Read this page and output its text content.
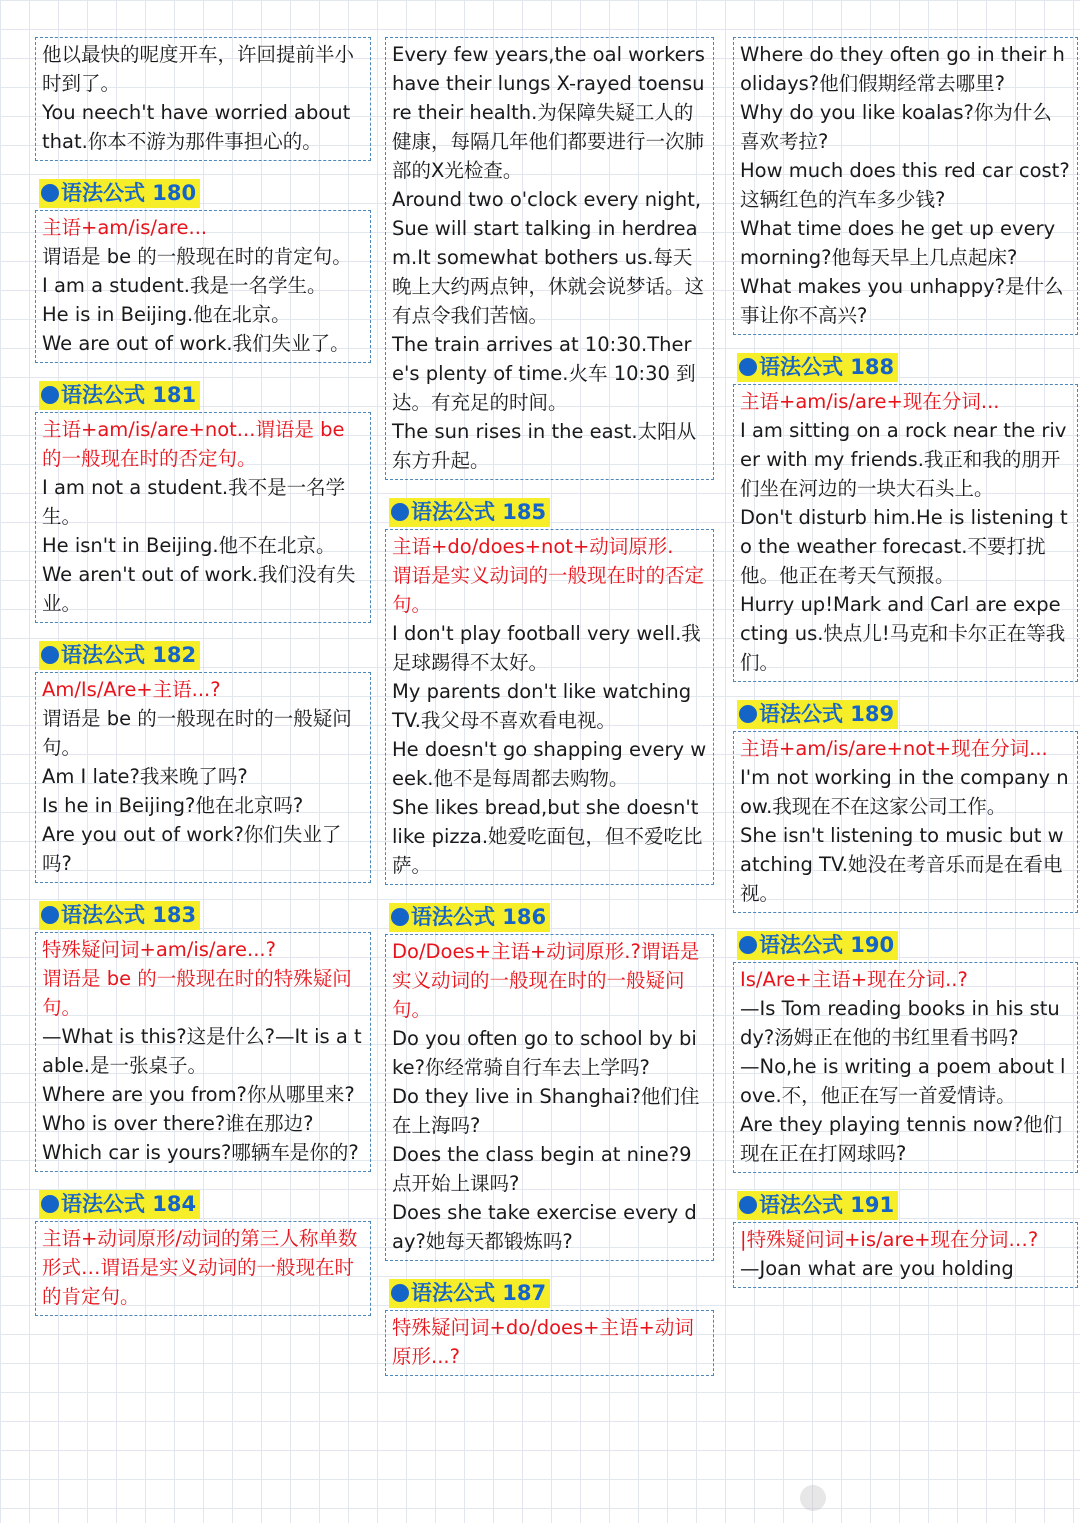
他以最快的呢度开车，许回提前半小时到了。
You neech't have worried about that.你本不游为那件事担心的。
语法公式 180
主语+am/is/are...
谓语是 be 的一般现在时的肯定句。
I am a student.我是一名学生。
He is in Beijing.他在北京。
We are out of work.我们失业了。
语法公式 181
主语+am/is/are+not...谓语是 be 的一般现在时的否定句。
I am not a student.我不是一名学生。
He isn't in Beijing.他不在北京。
We aren't out of work.我们没有失业。
语法公式 182
Am/Is/Are+主语...?
谓语是 be 的一般现在时的一般疑问句。
Am I late?我来晚了吗?
Is he in Beijing?他在北京吗?
Are you out of work?你们失业了吗?
语法公式 183
特殊疑问词+am/is/are...?
谓语是 be 的一般现在时的特殊疑问句。
—What is this?这是什么?—It is a table.是一张桌子。
Where are you from?你从哪里来?
Who is over there?谁在那边?
Which car is yours?哪辆车是你的?
语法公式 184
主语+动词原形/动词的第三人称单数形式…谓语是实义动词的一般现在时的肯定句。
Every few years,the oal workers have their lungs X-rayed toensure their health.为保障失疑工人的健康，每隔几年他们都要进行一次肺部的X光检查。
Around two o'clock every night,Sue will start talking in herdream.It somewhat bothers us.每天晚上大约两点钟，休就会说梦话。这有点令我们苦恼。
The train arrives at 10:30.There's plenty of time.火车 10:30 到达。有充足的时间。
The sun rises in the east.太阳从东方升起。
语法公式 185
主语+do/does+not+动词原形.
谓语是实义动词的一般现在时的否定句。
I don't play football very well.我足球踢得不太好。
My parents don't like watching TV.我父母不喜欢看电视。
He doesn't go shapping every week.他不是每周都去购物。
She likes bread,but she doesn't like pizza.她爱吃面包，但不爱吃比萨。
语法公式 186
Do/Does+主语+动词原形.?谓语是实义动词的一般现在时的一般疑问句。
Do you often go to school by bike?你经常骑自行车去上学吗?
Do they live in Shanghai?他们住在上海吗?
Does the class begin at nine?9点开始上课吗?
Does she take exercise every day?她每天都锻炼吗?
语法公式 187
特殊疑问词+do/does+主语+动词原形...?
Where do they often go in their holidays?他们假期经常去哪里?
Why do you like koalas?你为什么喜欢考拉?
How much does this red car cost?这辆红色的汽车多少钱?
What time does he get up every morning?他每天早上几点起床?
What makes you unhappy?是什么事让你不高兴?
语法公式 188
主语+am/is/are+现在分词...
I am sitting on a rock near the river with my friends.我正和我的朋开们坐在河边的一块大石头上。
Don't disturb him.He is listening to the weather forecast.不要打扰他。他正在考天气预报。
Hurry up!Mark and Carl are expecting us.快点儿!马克和卡尔正在等我们。
语法公式 189
主语+am/is/are+not+现在分词...
I'm not working in the company now.我现在不在这家公司工作。
She isn't listening to music but watching TV.她没在考音乐而是在看电视。
语法公式 190
Is/Are+主语+现在分词..?
—Is Tom reading books in his study?汤姆正在他的书红里看书吗?
—No,he is writing a poem about love.不，他正在写一首爱情诗。
Are they playing tennis now?他们现在正在打网球吗?
语法公式 191
|特殊疑问词+is/are+现在分词…?
—Joan what are you holding
